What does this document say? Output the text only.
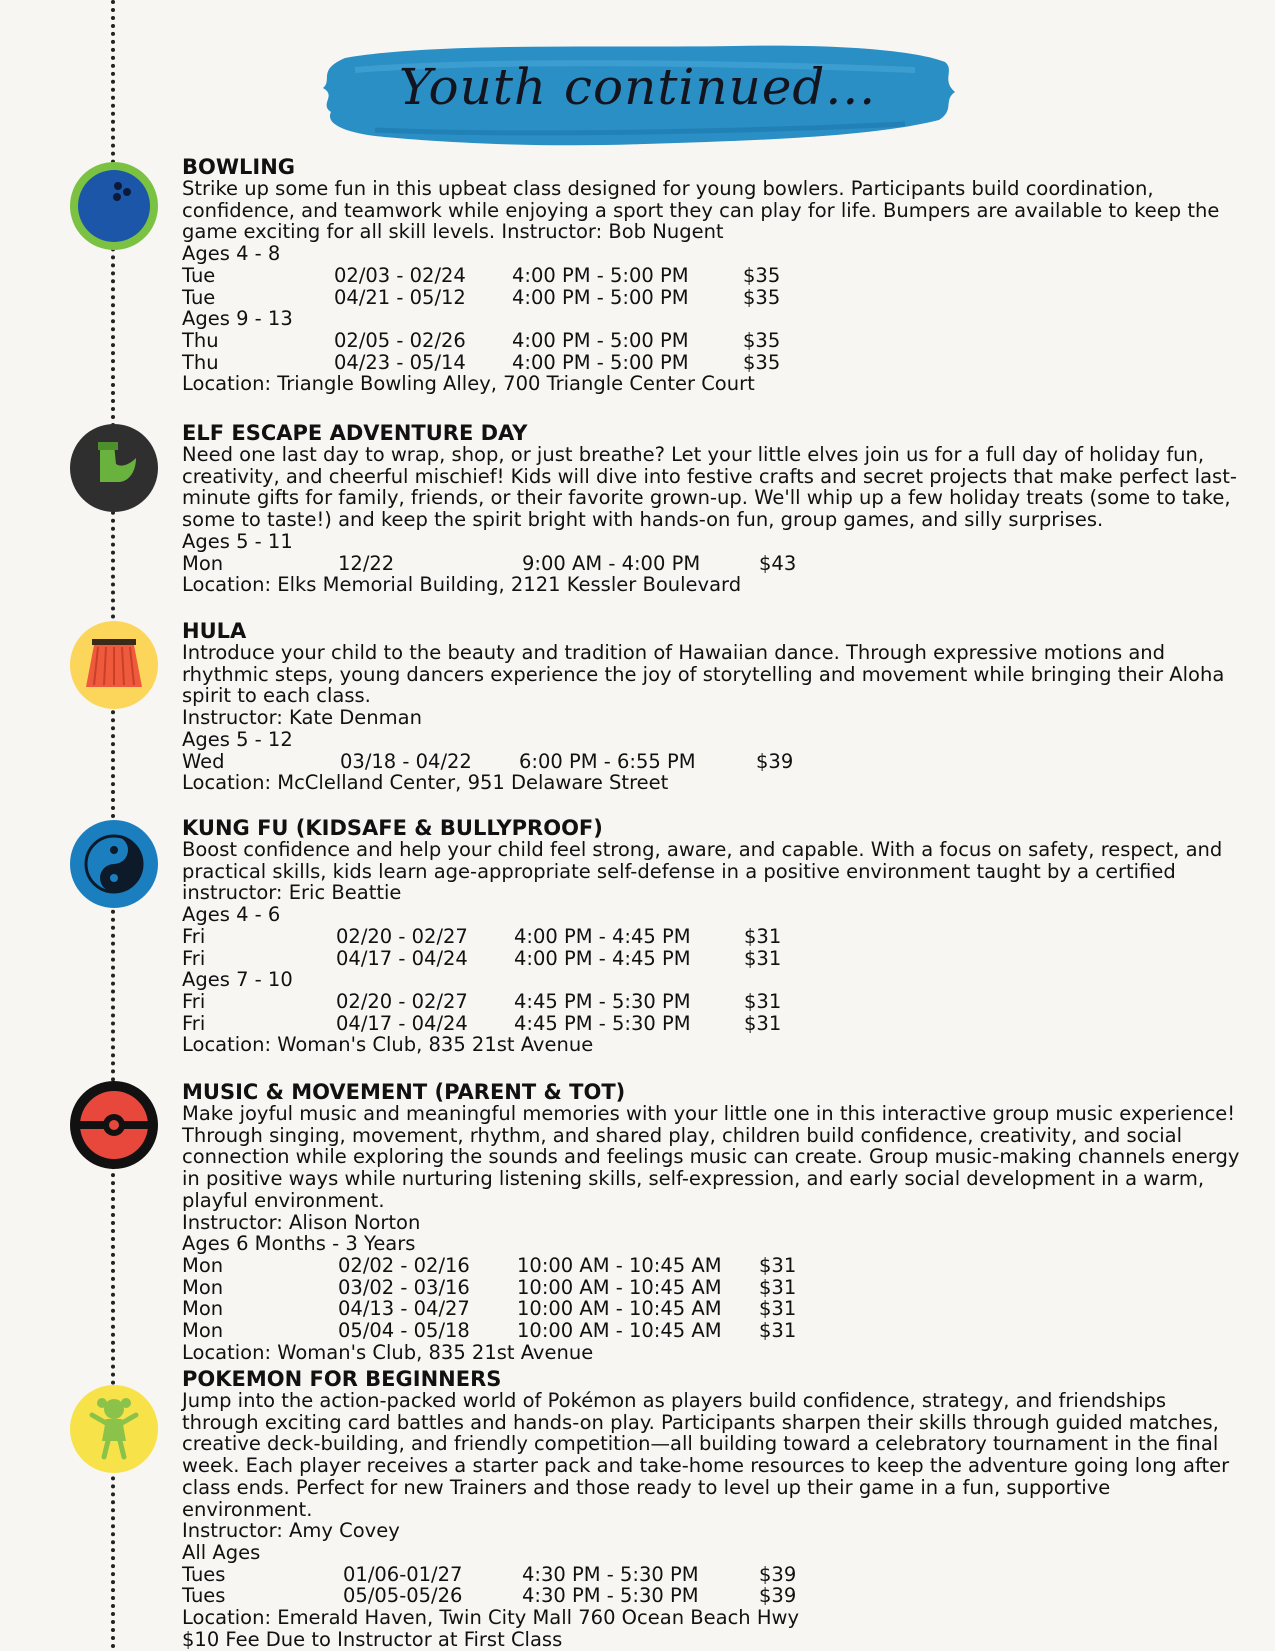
Youth continued...
BOWLING
Strike up some fun in this upbeat class designed for young bowlers. Participants build coordination, confidence, and teamwork while enjoying a sport they can play for life. Bumpers are available to keep the game exciting for all skill levels. Instructor: Bob Nugent
Ages 4 - 8
Tue	02/03 - 02/24 4:00 PM - 5:00 PM	$35
Tue	04/21 - 05/12 4:00 PM - 5:00 PM	$35
Ages 9 - 13
Thu	02/05 - 02/26 4:00 PM - 5:00 PM	$35
Thu	04/23 - 05/14 4:00 PM - 5:00 PM	$35
Location: Triangle Bowling Alley, 700 Triangle Center Court
ELF ESCAPE ADVENTURE DAY
Need one last day to wrap, shop, or just breathe? Let your little elves join us for a full day of holiday fun, creativity, and cheerful mischief! Kids will dive into festive crafts and secret projects that make perfect last-minute gifts for family, friends, or their favorite grown-up. We'll whip up a few holiday treats (some to take, some to taste!) and keep the spirit bright with hands-on fun, group games, and silly surprises.
Ages 5 - 11
Mon	12/22	9:00 AM - 4:00 PM	$43
Location: Elks Memorial Building, 2121 Kessler Boulevard
HULA
Introduce your child to the beauty and tradition of Hawaiian dance. Through expressive motions and rhythmic steps, young dancers experience the joy of storytelling and movement while bringing their Aloha spirit to each class.
Instructor: Kate Denman
Ages 5 - 12
Wed	03/18 - 04/22 6:00 PM - 6:55 PM	$39
Location: McClelland Center, 951 Delaware Street
KUNG FU (KIDSAFE & BULLYPROOF)
Boost confidence and help your child feel strong, aware, and capable. With a focus on safety, respect, and practical skills, kids learn age-appropriate self-defense in a positive environment taught by a certified instructor: Eric Beattie
Ages 4 - 6
Fri	02/20 - 02/27 4:00 PM - 4:45 PM	$31
Fri	04/17 - 04/24 4:00 PM - 4:45 PM	$31
Ages 7 - 10
Fri	02/20 - 02/27 4:45 PM - 5:30 PM	$31
Fri	04/17 - 04/24 4:45 PM - 5:30 PM	$31
Location: Woman's Club, 835 21st Avenue
MUSIC & MOVEMENT (PARENT & TOT)
Make joyful music and meaningful memories with your little one in this interactive group music experience! Through singing, movement, rhythm, and shared play, children build confidence, creativity, and social connection while exploring the sounds and feelings music can create. Group music-making channels energy in positive ways while nurturing listening skills, self-expression, and early social development in a warm, playful environment.
Instructor: Alison Norton
Ages 6 Months - 3 Years
Mon	02/02 - 02/16 10:00 AM - 10:45 AM $31
Mon	03/02 - 03/16 10:00 AM - 10:45 AM $31
Mon	04/13 - 04/27 10:00 AM - 10:45 AM $31
Mon	05/04 - 05/18 10:00 AM - 10:45 AM $31
Location: Woman's Club, 835 21st Avenue
POKEMON FOR BEGINNERS
Jump into the action-packed world of Pokémon as players build confidence, strategy, and friendships through exciting card battles and hands-on play. Participants sharpen their skills through guided matches, creative deck-building, and friendly competition—all building toward a celebratory tournament in the final week. Each player receives a starter pack and take-home resources to keep the adventure going long after class ends. Perfect for new Trainers and those ready to level up their game in a fun, supportive environment.
Instructor: Amy Covey
All Ages
Tues	01/06-01/27	4:30 PM - 5:30 PM	$39
Tues	05/05-05/26	4:30 PM - 5:30 PM	$39
Location: Emerald Haven, Twin City Mall 760 Ocean Beach Hwy
$10 Fee Due to Instructor at First Class
